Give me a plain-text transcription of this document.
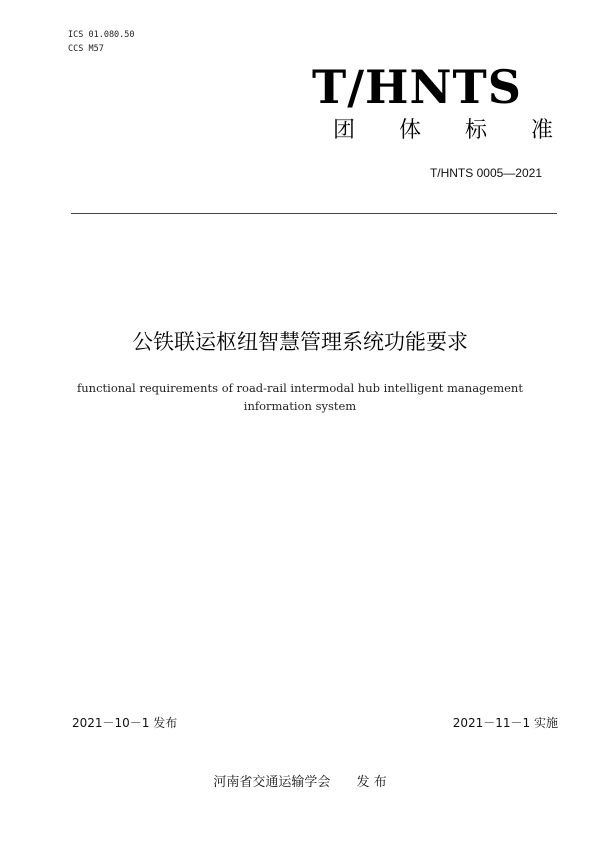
ICS 01.080.50
CCS M57
T/HNTS
团 体 标 准
T/HNTS 0005—2021
公铁联运枢纽智慧管理系统功能要求
functional requirements of road-rail intermodal hub intelligent management
information system
2021－10－1 发布	2021－11－1 实施
河南省交通运输学会 发 布
